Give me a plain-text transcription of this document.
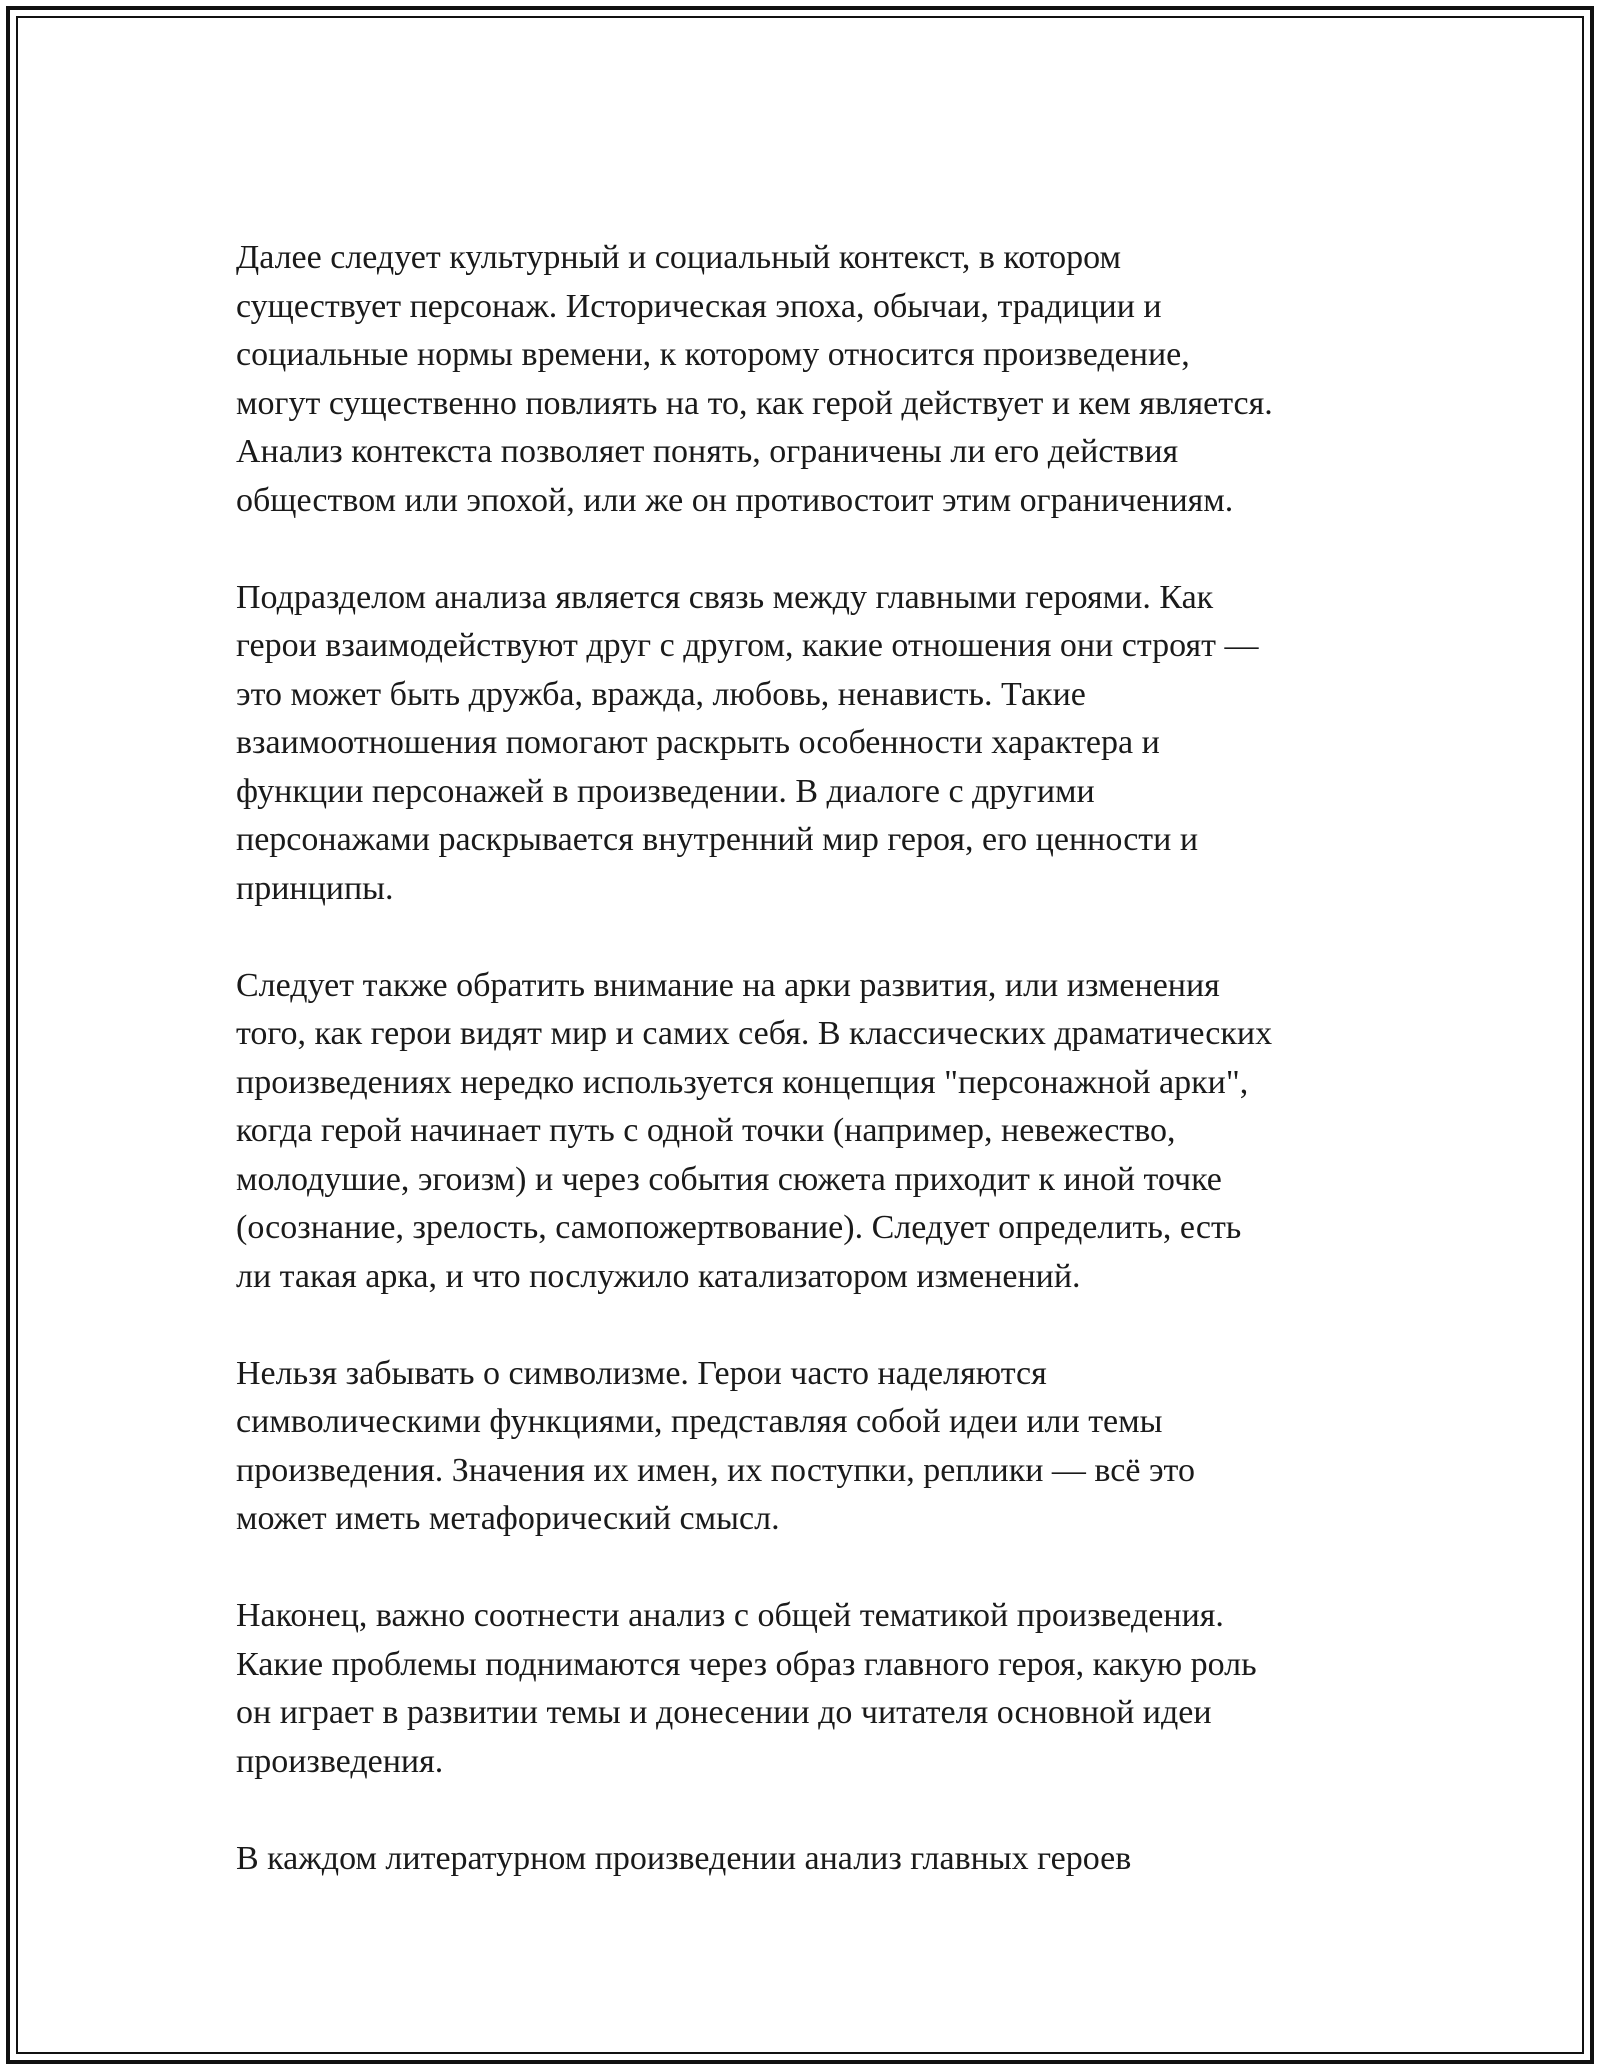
Далее следует культурный и социальный контекст, в котором
существует персонаж. Историческая эпоха, обычаи, традиции и
социальные нормы времени, к которому относится произведение,
могут существенно повлиять на то, как герой действует и кем является.
Анализ контекста позволяет понять, ограничены ли его действия
обществом или эпохой, или же он противостоит этим ограничениям.

Подразделом анализа является связь между главными героями. Как
герои взаимодействуют друг с другом, какие отношения они строят —
это может быть дружба, вражда, любовь, ненависть. Такие
взаимоотношения помогают раскрыть особенности характера и
функции персонажей в произведении. В диалоге с другими
персонажами раскрывается внутренний мир героя, его ценности и
принципы.

Следует также обратить внимание на арки развития, или изменения
того, как герои видят мир и самих себя. В классических драматических
произведениях нередко используется концепция "персонажной арки",
когда герой начинает путь с одной точки (например, невежество,
молодушие, эгоизм) и через события сюжета приходит к иной точке
(осознание, зрелость, самопожертвование). Следует определить, есть
ли такая арка, и что послужило катализатором изменений.

Нельзя забывать о символизме. Герои часто наделяются
символическими функциями, представляя собой идеи или темы
произведения. Значения их имен, их поступки, реплики — всё это
может иметь метафорический смысл.

Наконец, важно соотнести анализ с общей тематикой произведения.
Какие проблемы поднимаются через образ главного героя, какую роль
он играет в развитии темы и донесении до читателя основной идеи
произведения.

В каждом литературном произведении анализ главных героев
